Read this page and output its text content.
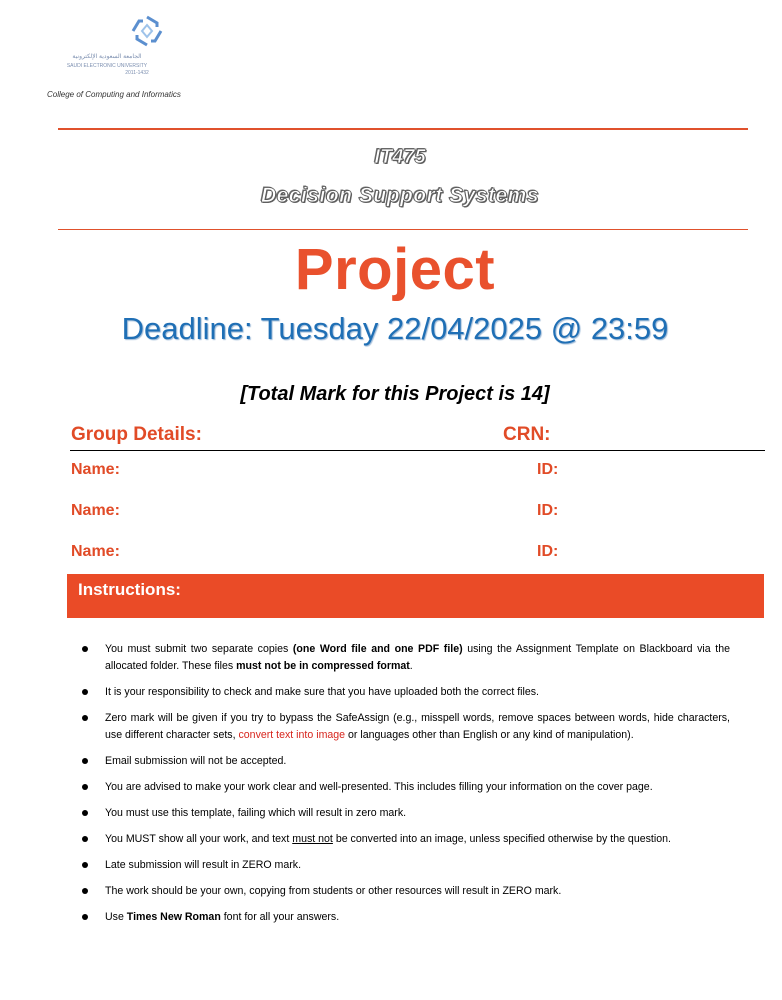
الجامعة السعودية الإلكترونية
SAUDI ELECTRONIC UNIVERSITY
2011-1432
College of Computing and Informatics
IT475
Decision Support Systems
Project
Deadline: Tuesday 22/04/2025 @ 23:59
[Total Mark for this Project is 14]
Group Details:	CRN:
Name:	ID:
Name:	ID:
Name:	ID:
Instructions:
You must submit two separate copies (one Word file and one PDF file) using the Assignment Template on Blackboard via the allocated folder. These files must not be in compressed format.
It is your responsibility to check and make sure that you have uploaded both the correct files.
Zero mark will be given if you try to bypass the SafeAssign (e.g., misspell words, remove spaces between words, hide characters, use different character sets, convert text into image or languages other than English or any kind of manipulation).
Email submission will not be accepted.
You are advised to make your work clear and well-presented. This includes filling your information on the cover page.
You must use this template, failing which will result in zero mark.
You MUST show all your work, and text must not be converted into an image, unless specified otherwise by the question.
Late submission will result in ZERO mark.
The work should be your own, copying from students or other resources will result in ZERO mark.
Use Times New Roman font for all your answers.
